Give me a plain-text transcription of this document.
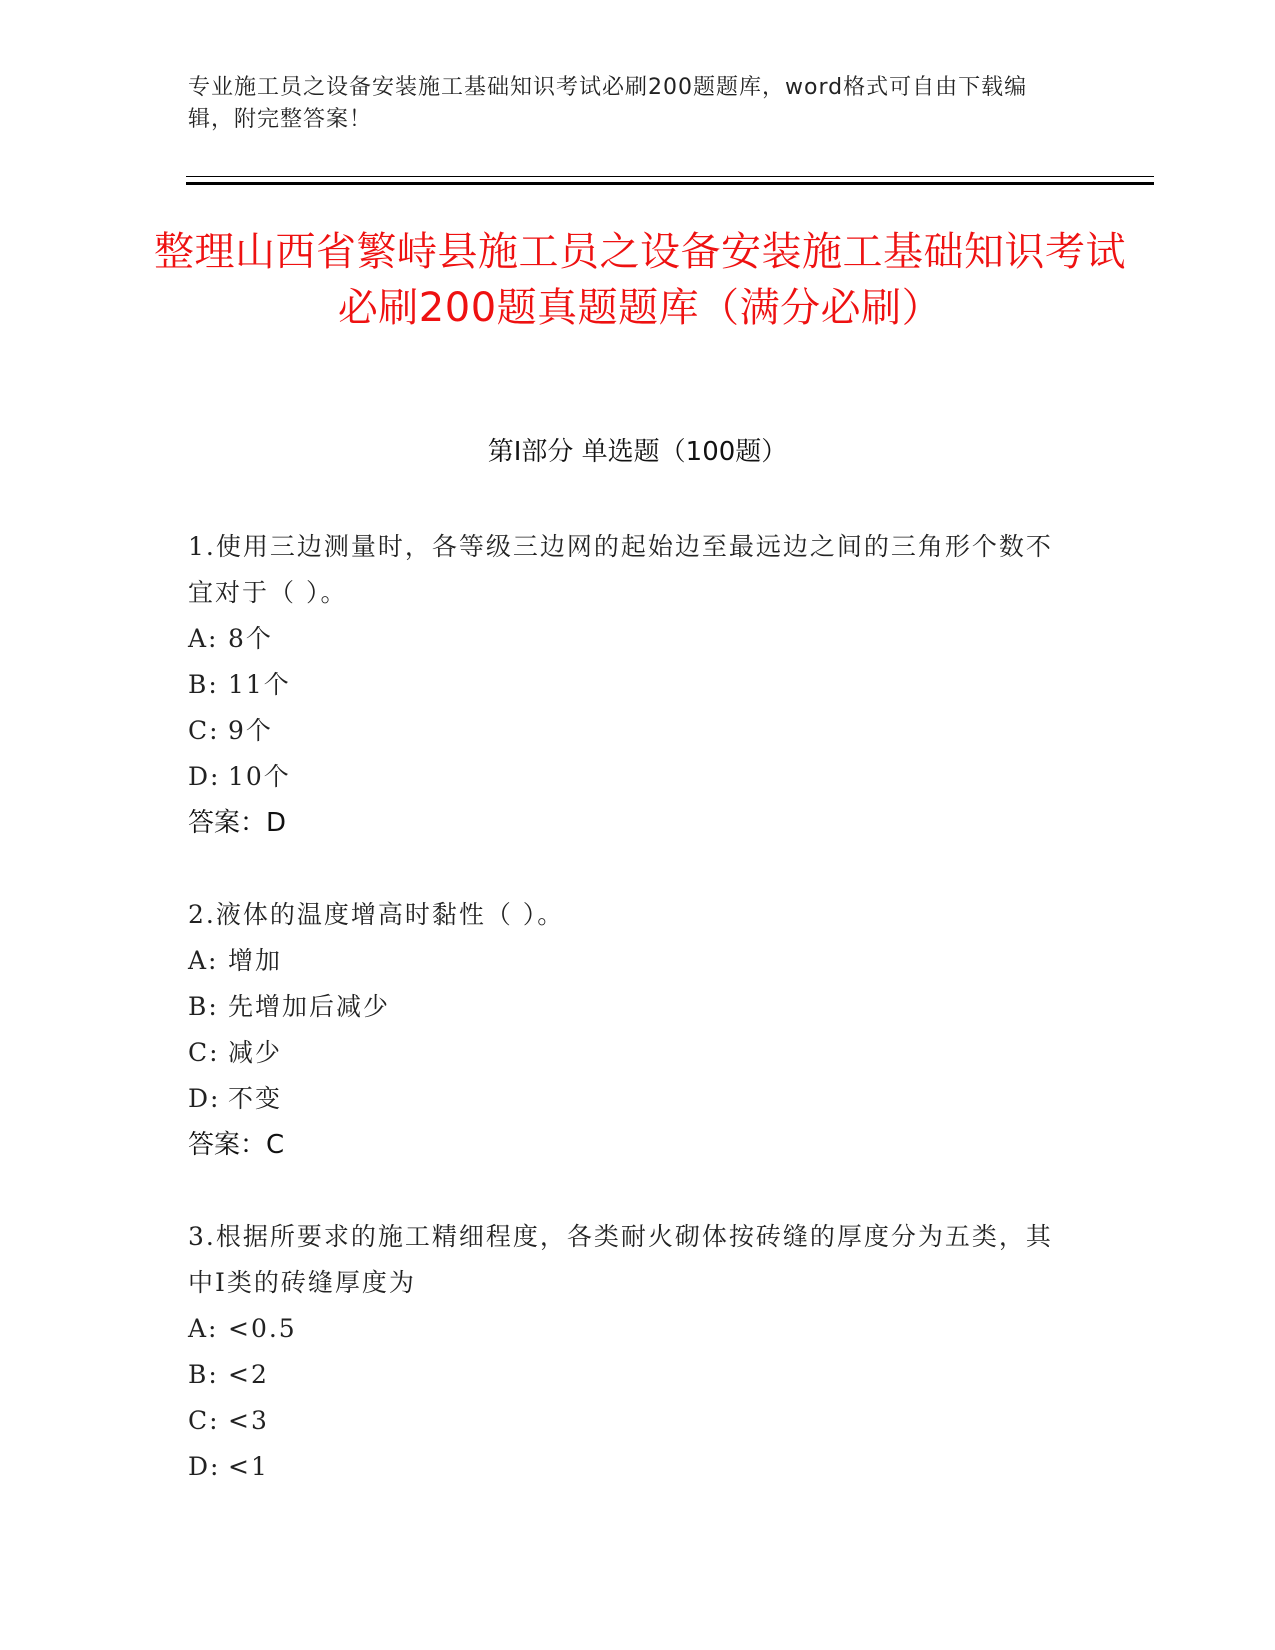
专业施工员之设备安装施工基础知识考试必刷200题题库，word格式可自由下载编辑，附完整答案！
整理山西省繁峙县施工员之设备安装施工基础知识考试必刷200题真题题库（满分必刷）
第Ⅰ部分 单选题（100题）
1.使用三边测量时，各等级三边网的起始边至最远边之间的三角形个数不宜对于（ ）。
A: 8个
B: 11个
C: 9个
D: 10个
答案：D
2.液体的温度增高时黏性（ ）。
A: 增加
B: 先增加后减少
C: 减少
D: 不变
答案：C
3.根据所要求的施工精细程度，各类耐火砌体按砖缝的厚度分为五类，其中Ⅰ类的砖缝厚度为
A: <0.5
B: <2
C: <3
D: <1
